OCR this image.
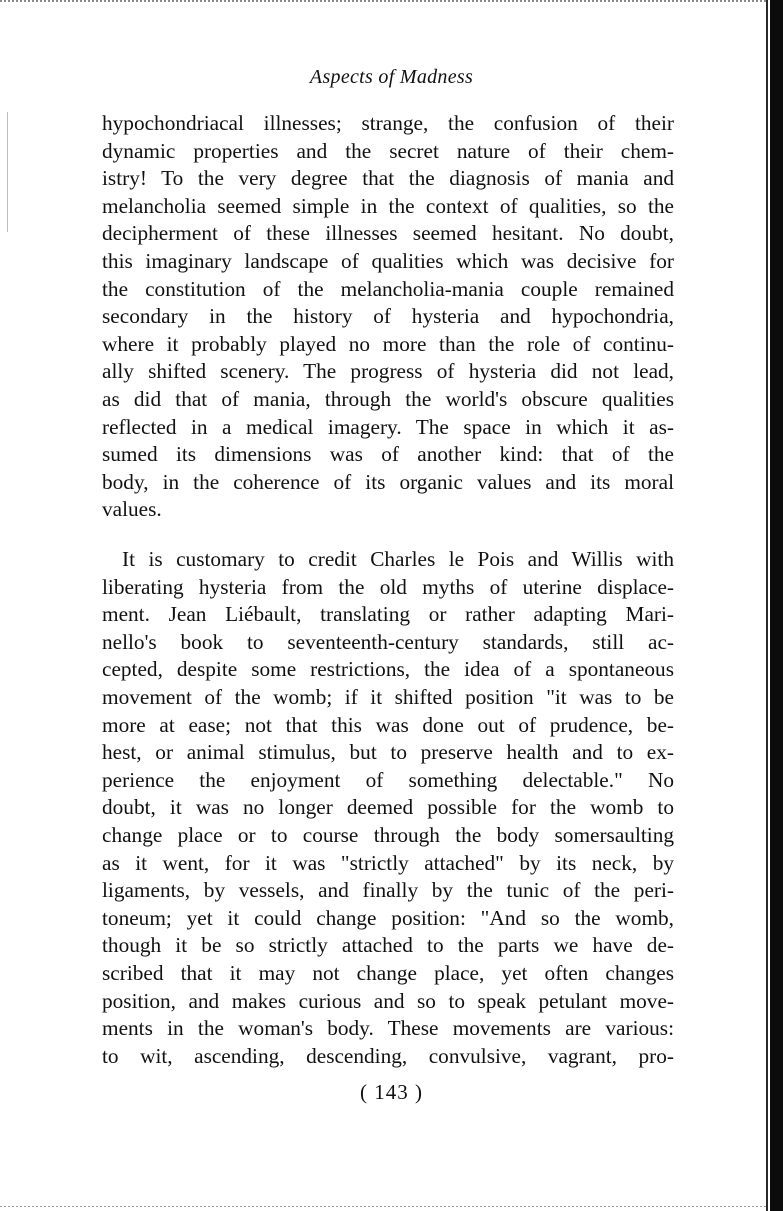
Aspects of Madness
hypochondriacal illnesses; strange, the confusion of their
dynamic properties and the secret nature of their chem-
istry! To the very degree that the diagnosis of mania and
melancholia seemed simple in the context of qualities, so the
decipherment of these illnesses seemed hesitant. No doubt,
this imaginary landscape of qualities which was decisive for
the constitution of the melancholia-mania couple remained
secondary in the history of hysteria and hypochondria,
where it probably played no more than the role of continu-
ally shifted scenery. The progress of hysteria did not lead,
as did that of mania, through the world's obscure qualities
reflected in a medical imagery. The space in which it as-
sumed its dimensions was of another kind: that of the
body, in the coherence of its organic values and its moral
values.
It is customary to credit Charles le Pois and Willis with
liberating hysteria from the old myths of uterine displace-
ment. Jean Liébault, translating or rather adapting Mari-
nello's book to seventeenth-century standards, still ac-
cepted, despite some restrictions, the idea of a spontaneous
movement of the womb; if it shifted position "it was to be
more at ease; not that this was done out of prudence, be-
hest, or animal stimulus, but to preserve health and to ex-
perience the enjoyment of something delectable." No
doubt, it was no longer deemed possible for the womb to
change place or to course through the body somersaulting
as it went, for it was "strictly attached" by its neck, by
ligaments, by vessels, and finally by the tunic of the peri-
toneum; yet it could change position: "And so the womb,
though it be so strictly attached to the parts we have de-
scribed that it may not change place, yet often changes
position, and makes curious and so to speak petulant move-
ments in the woman's body. These movements are various:
to wit, ascending, descending, convulsive, vagrant, pro-
( 143 )
